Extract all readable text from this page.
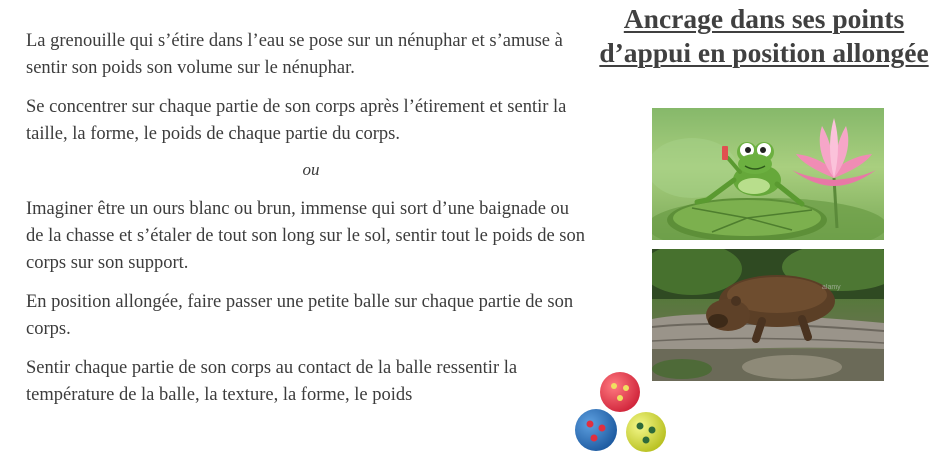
La grenouille qui s’étire dans l’eau se pose sur un nénuphar et s’amuse à sentir son poids son volume sur le nénuphar.

Se concentrer sur chaque partie de son corps après l’étirement et sentir la taille, la forme, le poids de chaque partie du corps.

ou

Imaginer être un ours blanc ou brun, immense qui sort d’une baignade ou de la chasse et s’étaler de tout son long sur le sol, sentir tout le poids de son corps sur son support.

En position allongée, faire passer une petite balle sur chaque partie de son corps.

Sentir chaque partie de son corps au contact de la balle ressentir la température de la balle, la texture, la forme, le poids

Ancrage dans ses points d’appui en position allongée
alamy
